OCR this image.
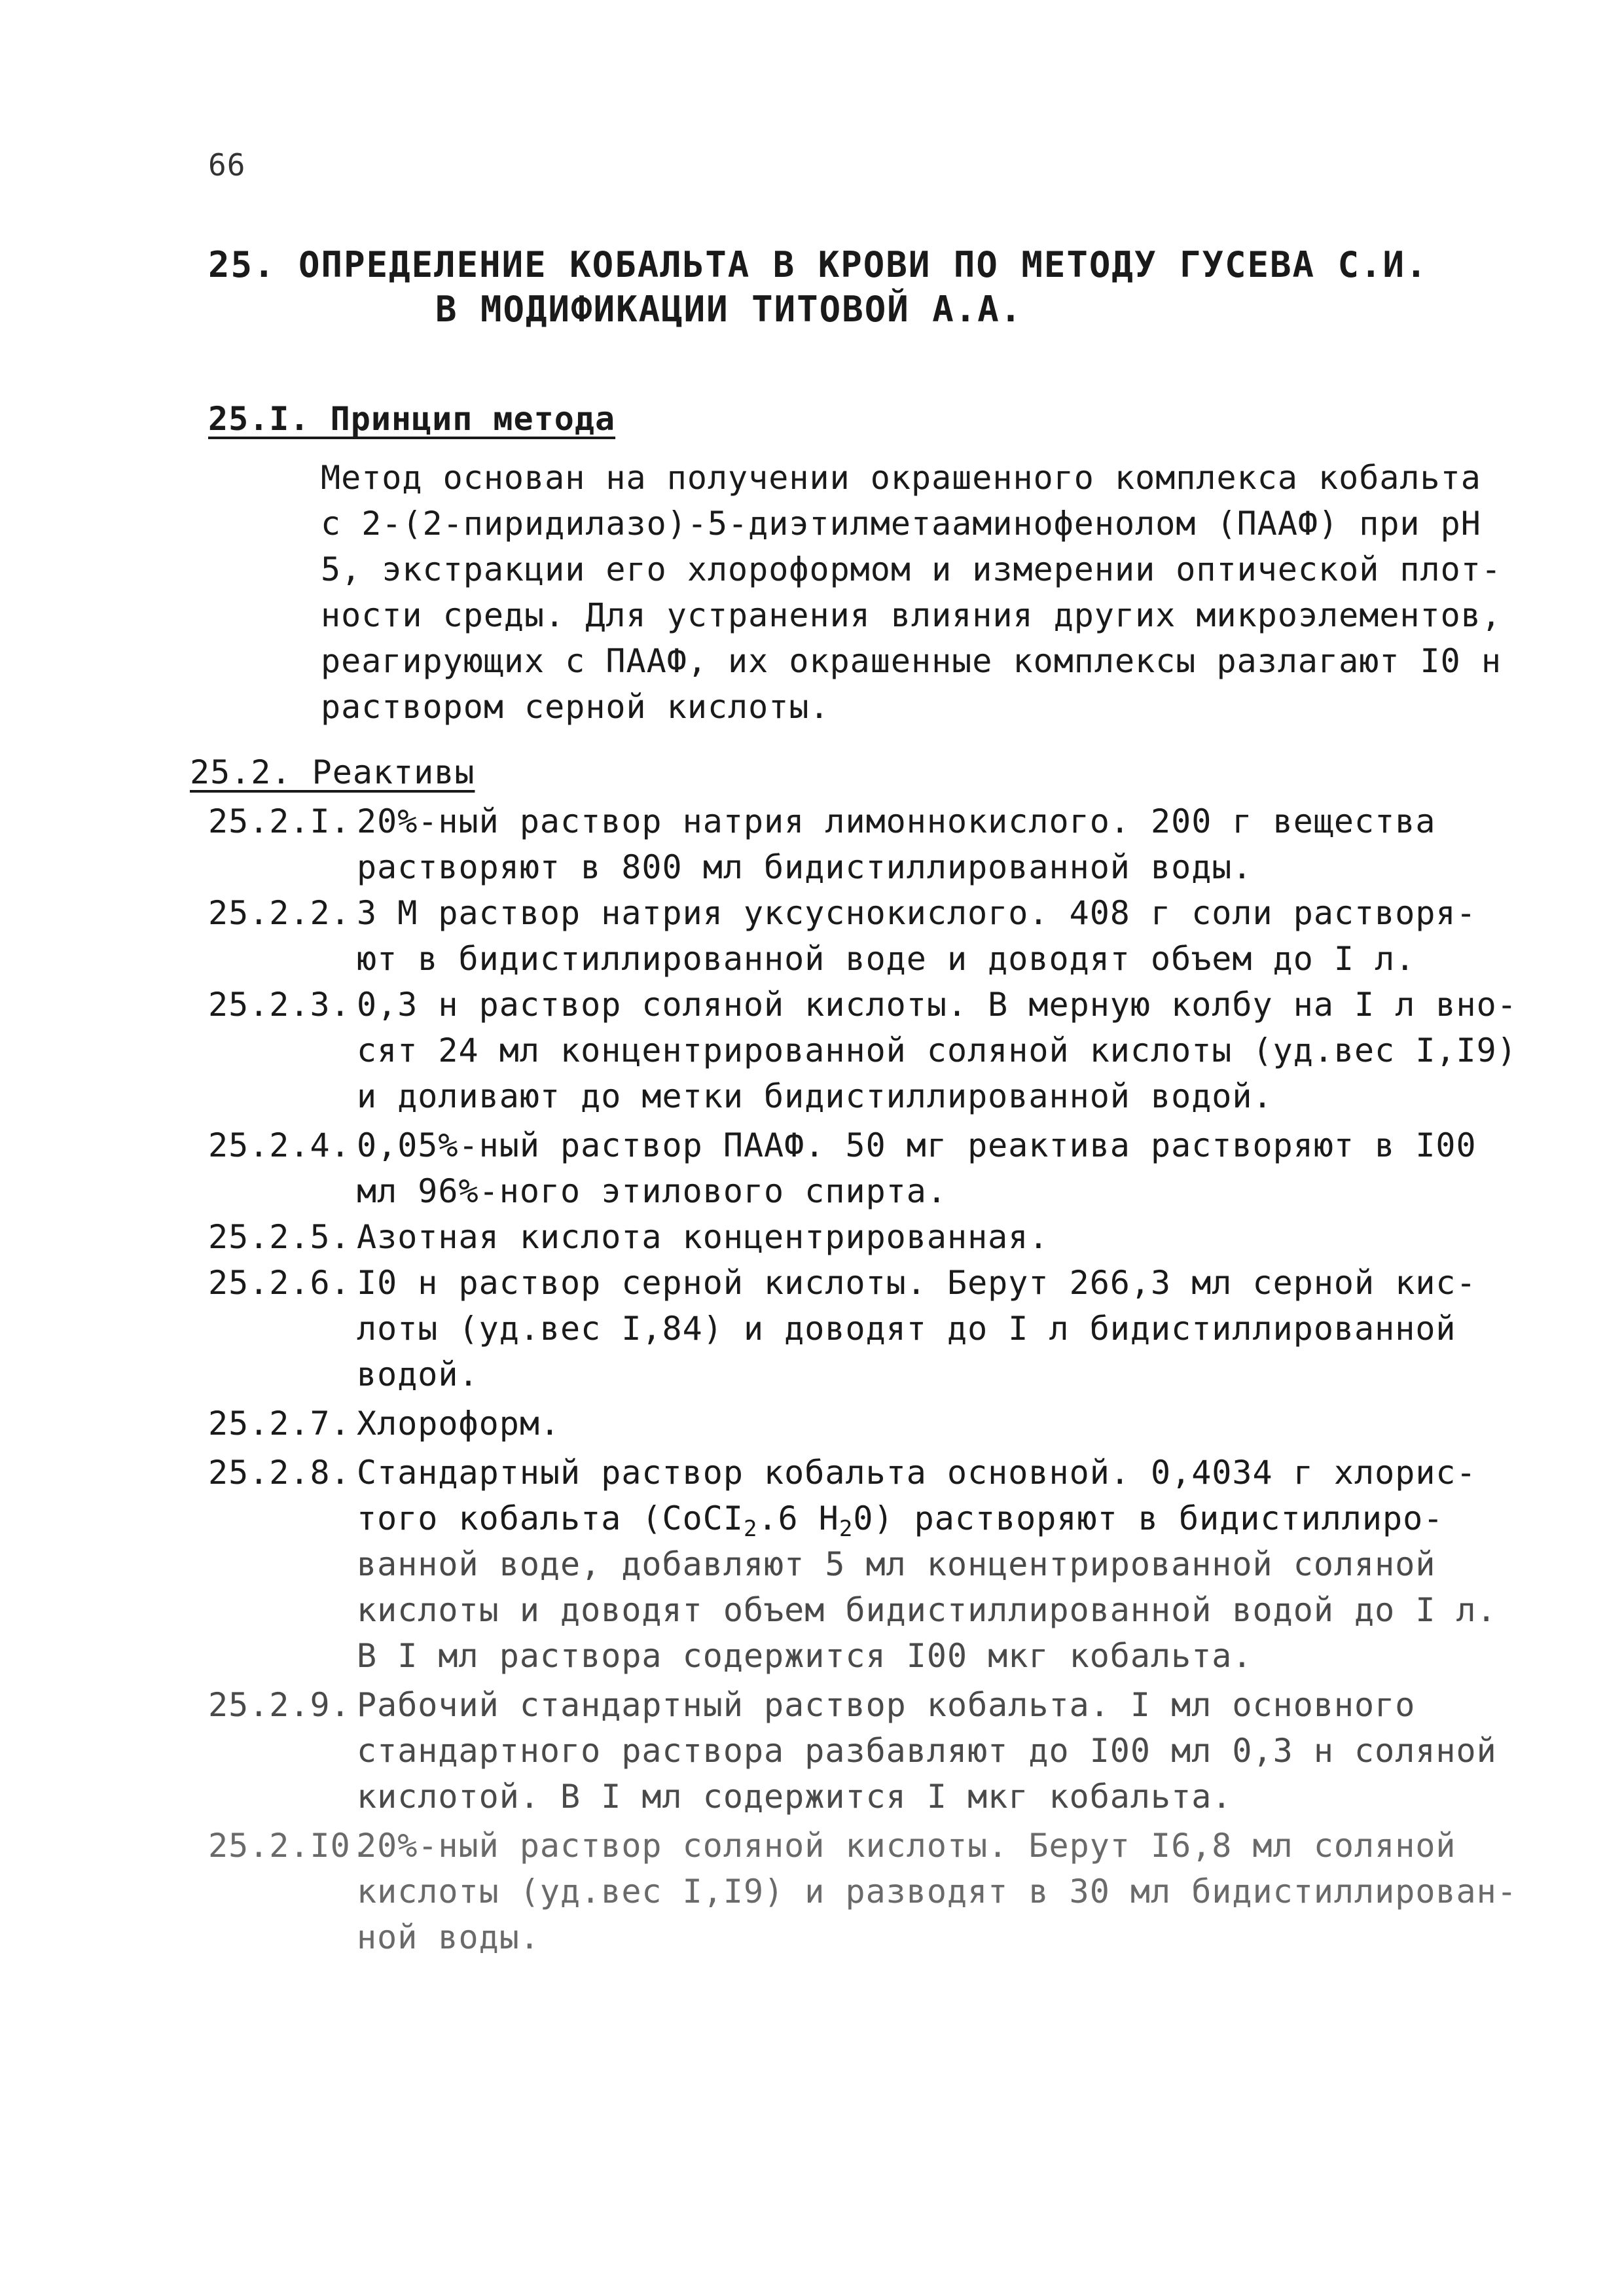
66
25. ОПРЕДЕЛЕНИЕ КОБАЛЬТА В КРОВИ ПО МЕТОДУ ГУСЕВА С.И.
В МОДИФИКАЦИИ ТИТОВОЙ А.А.
25.I. Принцип метода
Метод основан на получении окрашенного комплекса кобальта
с 2-(2-пиридилазо)-5-диэтилметааминофенолом (ПААФ) при рН
5, экстракции его хлороформом и измерении оптической плот-
ности среды. Для устранения влияния других микроэлементов,
реагирующих с ПААФ, их окрашенные комплексы разлагают I0 н
раствором серной кислоты.
25.2. Реактивы
25.2.I. 20%-ный раствор натрия лимоннокислого. 200 г вещества
растворяют в 800 мл бидистиллированной воды.
25.2.2. 3 М раствор натрия уксуснокислого. 408 г соли растворя-
ют в бидистиллированной воде и доводят объем до I л.
25.2.3. 0,3 н раствор соляной кислоты. В мерную колбу на I л вно-
сят 24 мл концентрированной соляной кислоты (уд.вес I,I9)
и доливают до метки бидистиллированной водой.
25.2.4. 0,05%-ный раствор ПААФ. 50 мг реактива растворяют в I00
мл 96%-ного этилового спирта.
25.2.5. Азотная кислота концентрированная.
25.2.6. I0 н раствор серной кислоты. Берут 266,3 мл серной кис-
лоты (уд.вес I,84) и доводят до I л бидистиллированной
водой.
25.2.7. Хлороформ.
25.2.8. Стандартный раствор кобальта основной. 0,4034 г хлорис-
того кобальта (CoCI$_2$.6 $H_20$) растворяют в бидистиллиро-
ванной воде, добавляют 5 мл концентрированной соляной
кислоты и доводят объем бидистиллированной водой до I л.
В I мл раствора содержится I00 мкг кобальта.
25.2.9. Рабочий стандартный раствор кобальта. I мл основного
стандартного раствора разбавляют до I00 мл 0,3 н соляной
кислотой. В I мл содержится I мкг кобальта.
25.2.I0.
20%-ный раствор соляной кислоты. Берут I6,8 мл соляной
кислоты (уд.вес I,I9) и разводят в 30 мл бидистиллирован-
ной воды.
